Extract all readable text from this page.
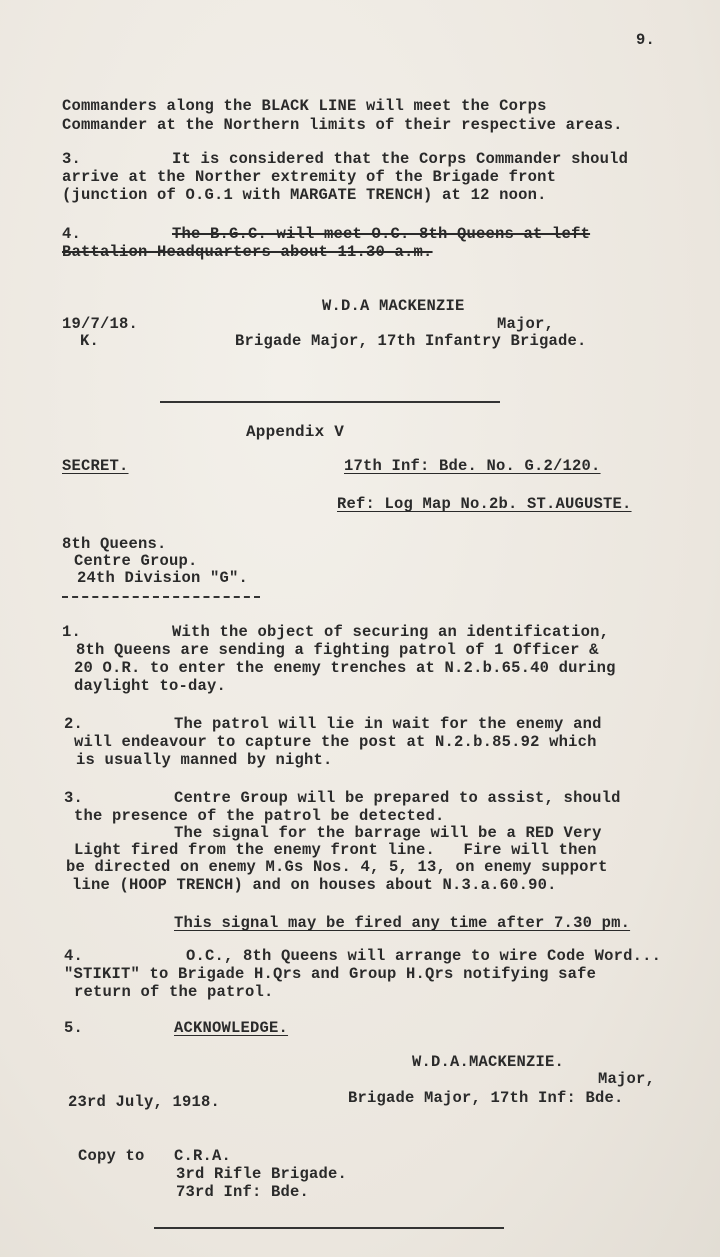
9.
Commanders along the BLACK LINE will meet the Corps
Commander at the Northern limits of their respective areas.
3.	It is considered that the Corps Commander should
arrive at the Norther extremity of the Brigade front
(junction of O.G.1 with MARGATE TRENCH) at 12 noon.
4.	The B.G.C. will meet O.C. 8th Queens at left
Battalion Headquarters about 11.30 a.m.
W.D.A MACKENZIE
Major,
19/7/18.
K.	Brigade Major, 17th Infantry Brigade.
Appendix V
SECRET.	17th Inf: Bde. No. G.2/120.
Ref: Log Map No.2b. ST.AUGUSTE.
8th Queens.
Centre Group.
24th Division "G".
1.	With the object of securing an identification,
8th Queens are sending a fighting patrol of 1 Officer &
20 O.R. to enter the enemy trenches at N.2.b.65.40 during
daylight to-day.
2.	The patrol will lie in wait for the enemy and
will endeavour to capture the post at N.2.b.85.92 which
is usually manned by night.
3.	Centre Group will be prepared to assist, should
the presence of the patrol be detected.
The signal for the barrage will be a RED Very
Light fired from the enemy front line.   Fire will then
be directed on enemy M.Gs Nos. 4, 5, 13, on enemy support
line (HOOP TRENCH) and on houses about N.3.a.60.90.
This signal may be fired any time after 7.30 pm.
4.	O.C., 8th Queens will arrange to wire Code Word...
"STIKIT" to Brigade H.Qrs and Group H.Qrs notifying safe
return of the patrol.
5.	ACKNOWLEDGE.
W.D.A.MACKENZIE.
Major,
23rd July, 1918.	Brigade Major, 17th Inf: Bde.
Copy to C.R.A.
3rd Rifle Brigade.
73rd Inf: Bde.
